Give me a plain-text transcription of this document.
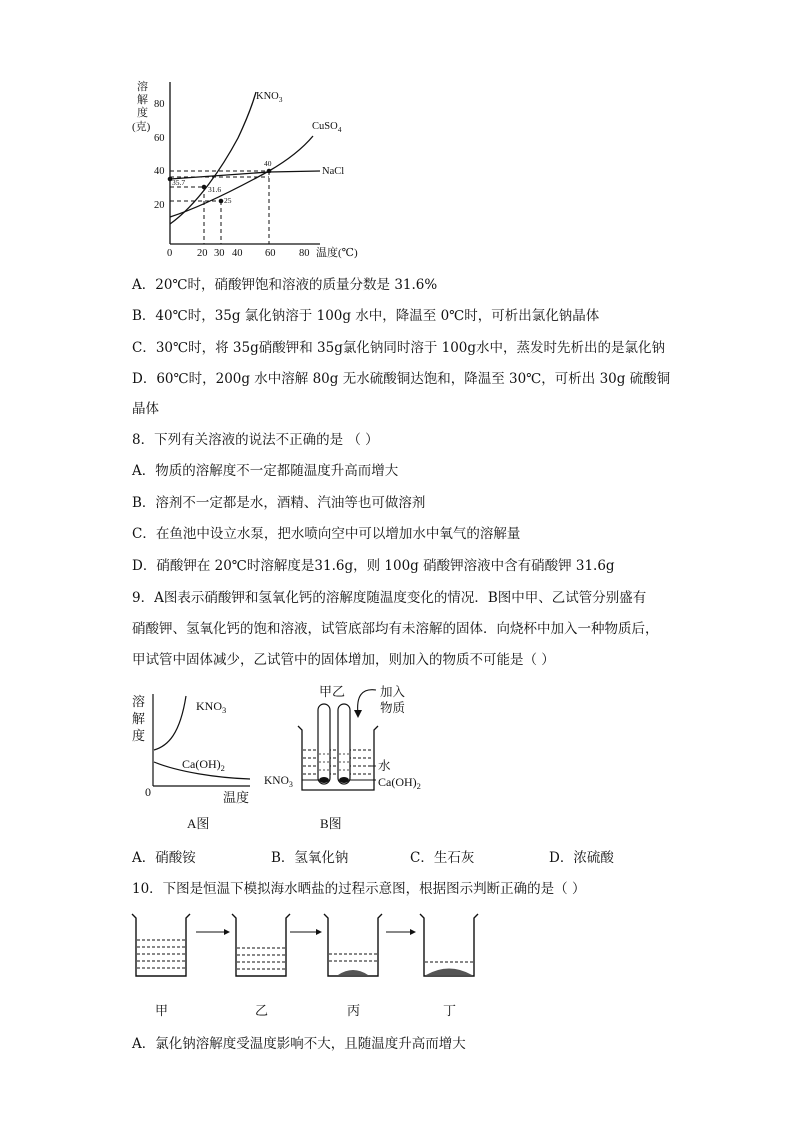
溶
解
度
(克)
80
60
40
20
0 20 30 40 60 80 温度(℃)
$KNO_3$
CuSO$_4$
NaCl
35.7
31.6
25
40
A．20℃时，硝酸钾饱和溶液的质量分数是 31.6%
B．40℃时，35g 氯化钠溶于 100g 水中，降温至 0℃时，可析出氯化钠晶体
C．30℃时，将 35g硝酸钾和 35g氯化钠同时溶于 100g水中，蒸发时先析出的是氯化钠
D．60℃时，200g 水中溶解 80g 无水硫酸铜达饱和，降温至 30℃，可析出 30g 硫酸铜
晶体
8．下列有关溶液的说法不正确的是 （ ）
A．物质的溶解度不一定都随温度升高而增大
B．溶剂不一定都是水，酒精、汽油等也可做溶剂
C．在鱼池中设立水泵，把水喷向空中可以增加水中氧气的溶解量
D．硝酸钾在 20℃时溶解度是31.6g，则 100g 硝酸钾溶液中含有硝酸钾 31.6g
9．A图表示硝酸钾和氢氧化钙的溶解度随温度变化的情况．B图中甲、乙试管分别盛有
硝酸钾、氢氧化钙的饱和溶液，试管底部均有未溶解的固体．向烧杯中加入一种物质后，
甲试管中固体减少，乙试管中的固体增加，则加入的物质不可能是（ ）
溶
解
度
$KNO_3$
$Ca(OH)_2$
0	温度
A图
甲乙	加入
物质
水
$KNO_3$	$Ca(OH)_2$
B图
A．硝酸铵	B．氢氧化钠	C．生石灰	D．浓硫酸
10．下图是恒温下模拟海水晒盐的过程示意图，根据图示判断正确的是（ ）
甲	乙	丙	丁
A．氯化钠溶解度受温度影响不大，且随温度升高而增大
